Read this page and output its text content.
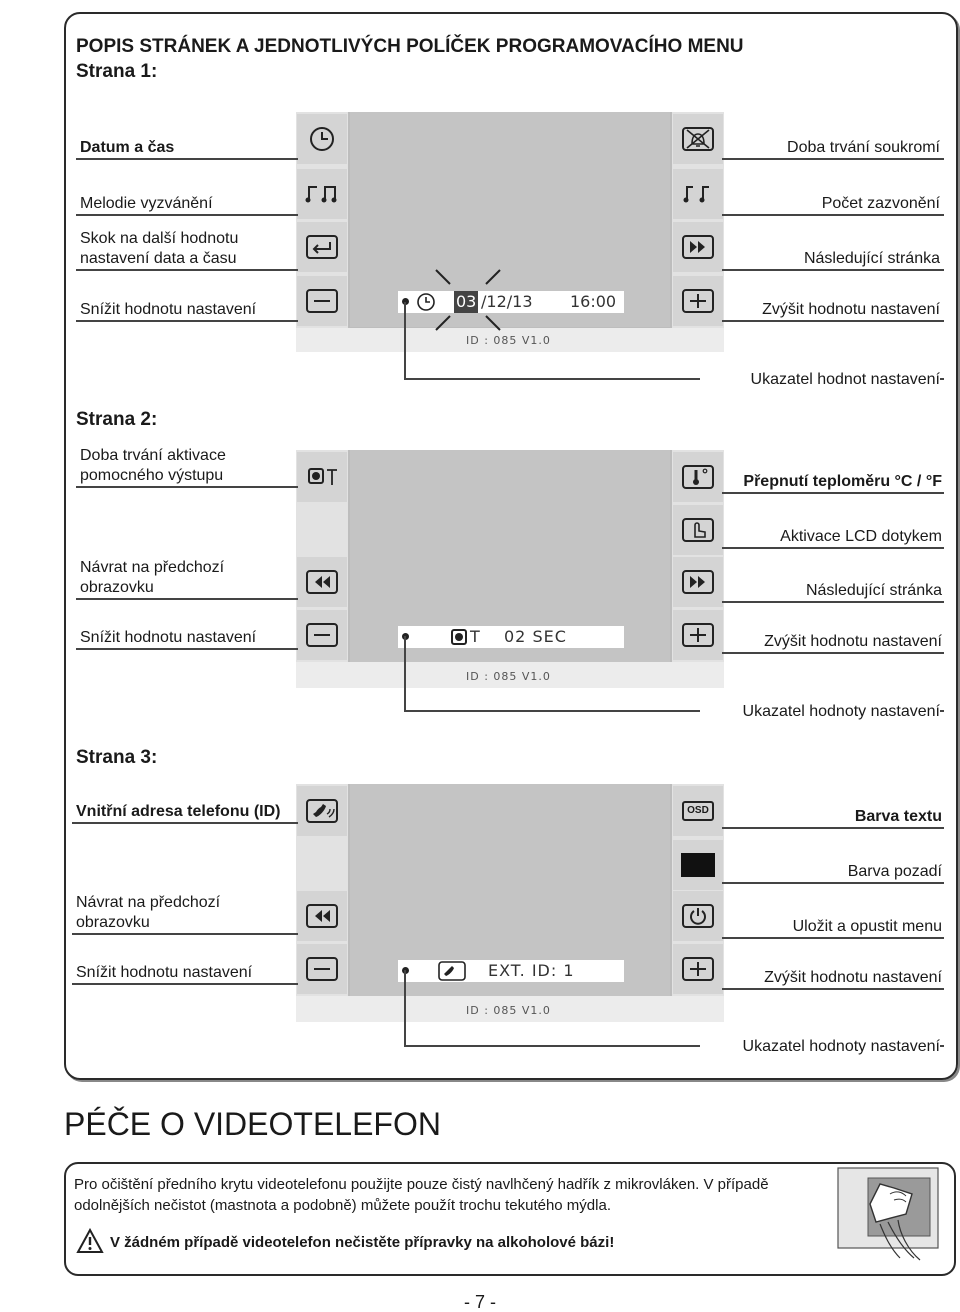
POPIS STRÁNEK A JEDNOTLIVÝCH POLÍČEK PROGRAMOVACÍHO MENU
Strana 1:
03 /12/13 16:00
ID : 085 V1.0
Datum a čas
Melodie vyzvánění
Skok na další hodnotu
nastavení data a času
Snížit hodnotu nastavení
Doba trvání soukromí
Počet zazvonění
Následující stránka
Zvýšit hodnotu nastavení
Ukazatel hodnot nastavení
Strana 2:
T 02 SEC
ID : 085 V1.0
Doba trvání aktivace
pomocného výstupu
Návrat na předchozí
obrazovku
Snížit hodnotu nastavení
Přepnutí teploměru °C / °F
Aktivace LCD dotykem
Následující stránka
Zvýšit hodnotu nastavení
Ukazatel hodnoty nastavení
Strana 3:
OSD
EXT. ID: 1
ID : 085 V1.0
Vnitřní adresa telefonu (ID)
Návrat na předchozí
obrazovku
Snížit hodnotu nastavení
Barva textu
Barva pozadí
Uložit a opustit menu
Zvýšit hodnotu nastavení
Ukazatel hodnoty nastavení
PÉČE O VIDEOTELEFON
Pro očištění předního krytu videotelefonu použijte pouze čistý navlhčený hadřík z mikrovláken. V případě odolnějších nečistot (mastnota a podobně) můžete použít trochu tekutého mýdla.
V žádném případě videotelefon nečistěte přípravky na alkoholové bázi!
- 7 -
